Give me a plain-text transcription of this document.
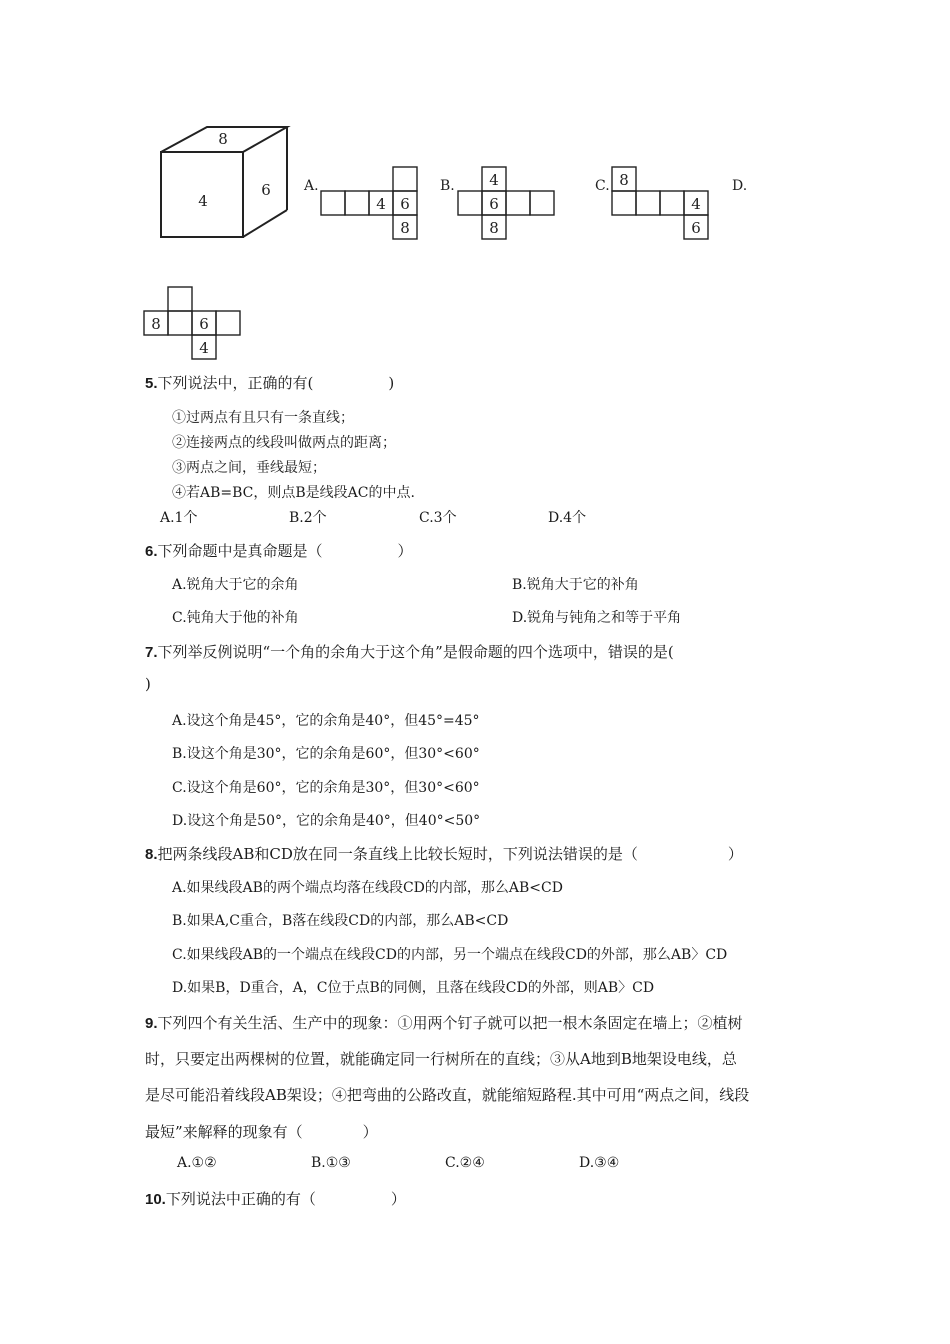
8
4
6
4 6
8
4
6
8
8
4
6
8	6
4
A.	B.	C.	D.
5.下列说法中，正确的有(　　　　　)
①过两点有且只有一条直线；
②连接两点的线段叫做两点的距离；
③两点之间，垂线最短；
④若AB=BC，则点B是线段AC的中点.
A.1个	B.2个	C.3个	D.4个
6.下列命题中是真命题是（　　　　　）
A.锐角大于它的余角	B.锐角大于它的补角
C.钝角大于他的补角	D.锐角与钝角之和等于平角
7.下列举反例说明“一个角的余角大于这个角”是假命题的四个选项中，错误的是(
)
A.设这个角是45°，它的余角是40°，但45°=45°
B.设这个角是30°，它的余角是60°，但30°<60°
C.设这个角是60°，它的余角是30°，但30°<60°
D.设这个角是50°，它的余角是40°，但40°<50°
8.把两条线段AB和CD放在同一条直线上比较长短时，下列说法错误的是（　　　　　　）
A.如果线段AB的两个端点均落在线段CD的内部，那么AB<CD
B.如果A,C重合，B落在线段CD的内部，那么AB<CD
C.如果线段AB的一个端点在线段CD的内部，另一个端点在线段CD的外部，那么AB〉CD
D.如果B，D重合，A，C位于点B的同侧，且落在线段CD的外部，则AB〉CD
9.下列四个有关生活、生产中的现象：①用两个钉子就可以把一根木条固定在墙上；②植树
时，只要定出两棵树的位置，就能确定同一行树所在的直线；③从A地到B地架设电线，总
是尽可能沿着线段AB架设；④把弯曲的公路改直，就能缩短路程.其中可用“两点之间，线段
最短”来解释的现象有（　　　　）
A.①②	B.①③	C.②④	D.③④
10.下列说法中正确的有（　　　　　）
